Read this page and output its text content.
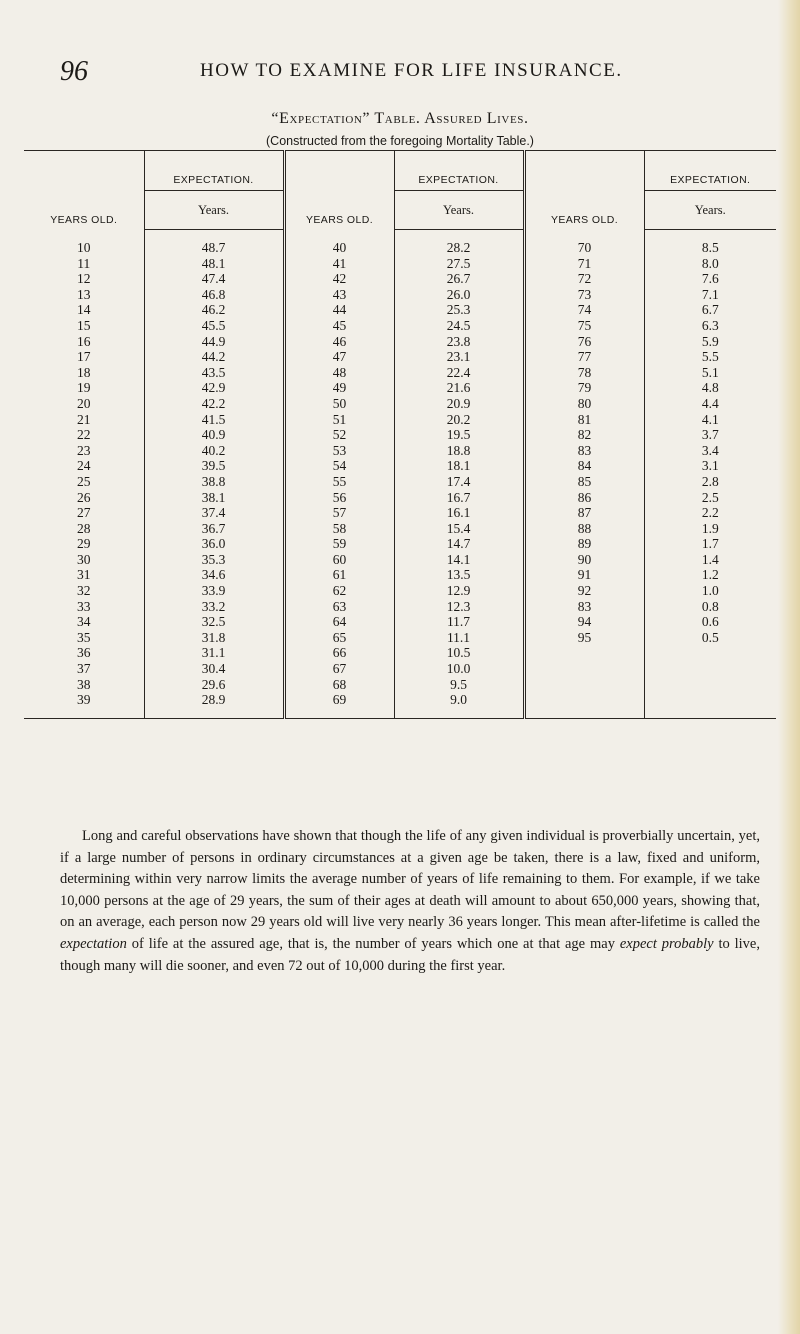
96	HOW TO EXAMINE FOR LIFE INSURANCE.
“Expectation” Table. Assured Lives.
(Constructed from the foregoing Mortality Table.)
YEARS OLD.	EXPECTATION.	YEARS OLD.	EXPECTATION.	YEARS OLD.	EXPECTATION.
	Years.		Years.		Years.
10	48.7	40	28.2	70	8.5
11	48.1	41	27.5	71	8.0
12	47.4	42	26.7	72	7.6
13	46.8	43	26.0	73	7.1
14	46.2	44	25.3	74	6.7
15	45.5	45	24.5	75	6.3
16	44.9	46	23.8	76	5.9
17	44.2	47	23.1	77	5.5
18	43.5	48	22.4	78	5.1
19	42.9	49	21.6	79	4.8
20	42.2	50	20.9	80	4.4
21	41.5	51	20.2	81	4.1
22	40.9	52	19.5	82	3.7
23	40.2	53	18.8	83	3.4
24	39.5	54	18.1	84	3.1
25	38.8	55	17.4	85	2.8
26	38.1	56	16.7	86	2.5
27	37.4	57	16.1	87	2.2
28	36.7	58	15.4	88	1.9
29	36.0	59	14.7	89	1.7
30	35.3	60	14.1	90	1.4
31	34.6	61	13.5	91	1.2
32	33.9	62	12.9	92	1.0
33	33.2	63	12.3	83	0.8
34	32.5	64	11.7	94	0.6
35	31.8	65	11.1	95	0.5
36	31.1	66	10.5		
37	30.4	67	10.0		
38	29.6	68	9.5		
39	28.9	69	9.0		
Long and careful observations have shown that though the life of any given individual is proverbially uncertain, yet, if a large number of persons in ordinary circumstances at a given age be taken, there is a law, fixed and uniform, determining within very narrow limits the average number of years of life remaining to them. For example, if we take 10,000 persons at the age of 29 years, the sum of their ages at death will amount to about 650,000 years, showing that, on an average, each person now 29 years old will live very nearly 36 years longer. This mean after-lifetime is called the expectation of life at the assured age, that is, the number of years which one at that age may expect probably to live, though many will die sooner, and even 72 out of 10,000 during the first year.
